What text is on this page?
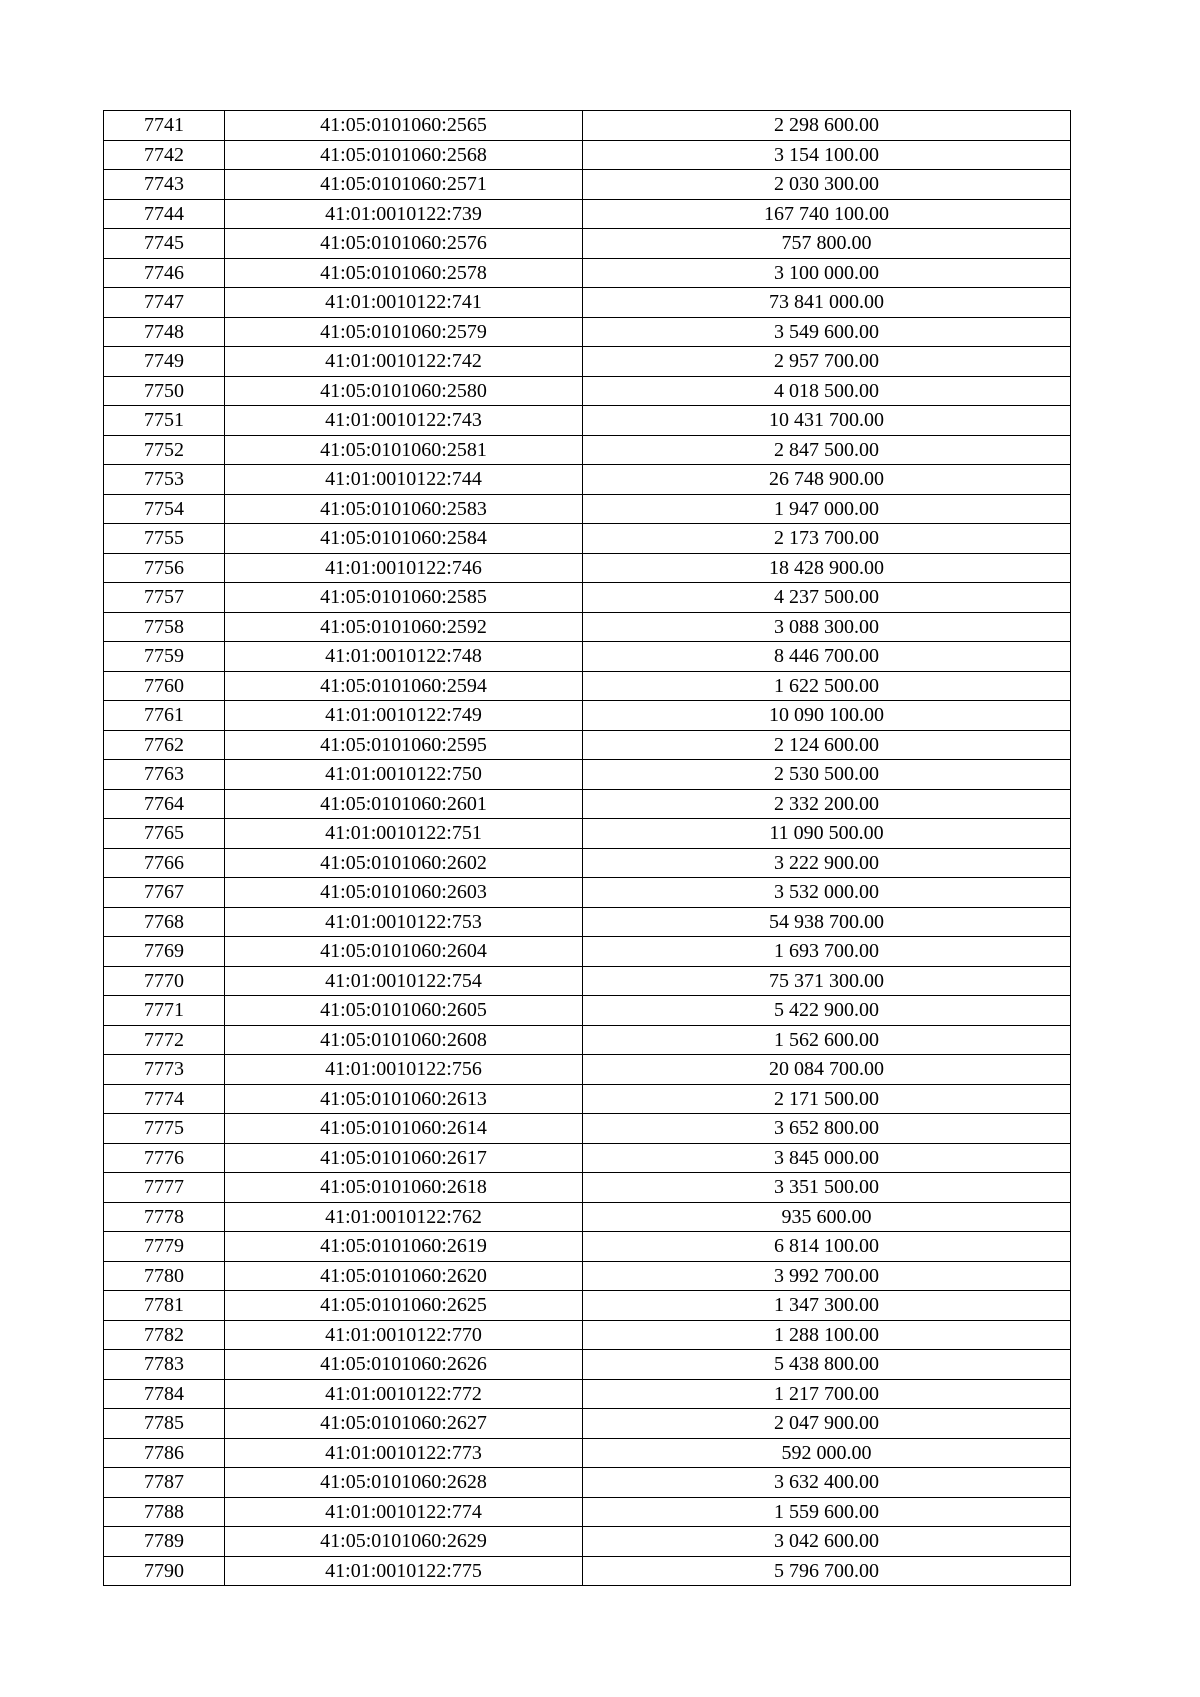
7741	41:05:0101060:2565	2 298 600.00
7742	41:05:0101060:2568	3 154 100.00
7743	41:05:0101060:2571	2 030 300.00
7744	41:01:0010122:739	167 740 100.00
7745	41:05:0101060:2576	757 800.00
7746	41:05:0101060:2578	3 100 000.00
7747	41:01:0010122:741	73 841 000.00
7748	41:05:0101060:2579	3 549 600.00
7749	41:01:0010122:742	2 957 700.00
7750	41:05:0101060:2580	4 018 500.00
7751	41:01:0010122:743	10 431 700.00
7752	41:05:0101060:2581	2 847 500.00
7753	41:01:0010122:744	26 748 900.00
7754	41:05:0101060:2583	1 947 000.00
7755	41:05:0101060:2584	2 173 700.00
7756	41:01:0010122:746	18 428 900.00
7757	41:05:0101060:2585	4 237 500.00
7758	41:05:0101060:2592	3 088 300.00
7759	41:01:0010122:748	8 446 700.00
7760	41:05:0101060:2594	1 622 500.00
7761	41:01:0010122:749	10 090 100.00
7762	41:05:0101060:2595	2 124 600.00
7763	41:01:0010122:750	2 530 500.00
7764	41:05:0101060:2601	2 332 200.00
7765	41:01:0010122:751	11 090 500.00
7766	41:05:0101060:2602	3 222 900.00
7767	41:05:0101060:2603	3 532 000.00
7768	41:01:0010122:753	54 938 700.00
7769	41:05:0101060:2604	1 693 700.00
7770	41:01:0010122:754	75 371 300.00
7771	41:05:0101060:2605	5 422 900.00
7772	41:05:0101060:2608	1 562 600.00
7773	41:01:0010122:756	20 084 700.00
7774	41:05:0101060:2613	2 171 500.00
7775	41:05:0101060:2614	3 652 800.00
7776	41:05:0101060:2617	3 845 000.00
7777	41:05:0101060:2618	3 351 500.00
7778	41:01:0010122:762	935 600.00
7779	41:05:0101060:2619	6 814 100.00
7780	41:05:0101060:2620	3 992 700.00
7781	41:05:0101060:2625	1 347 300.00
7782	41:01:0010122:770	1 288 100.00
7783	41:05:0101060:2626	5 438 800.00
7784	41:01:0010122:772	1 217 700.00
7785	41:05:0101060:2627	2 047 900.00
7786	41:01:0010122:773	592 000.00
7787	41:05:0101060:2628	3 632 400.00
7788	41:01:0010122:774	1 559 600.00
7789	41:05:0101060:2629	3 042 600.00
7790	41:01:0010122:775	5 796 700.00
